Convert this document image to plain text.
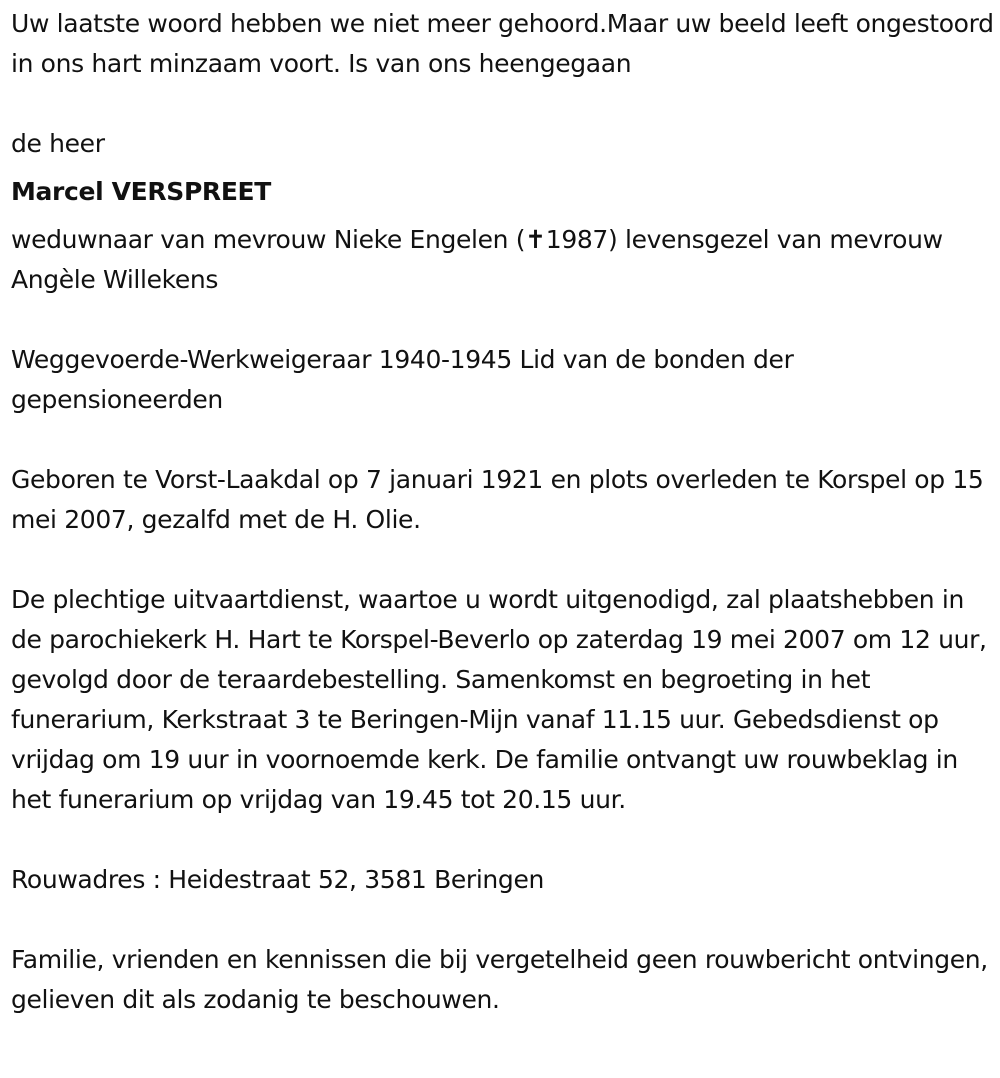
Uw laatste woord hebben we niet meer gehoord.Maar uw beeld leeft ongestoord in ons hart minzaam voort. Is van ons heengegaan

de heer

Marcel VERSPREET

weduwnaar van mevrouw Nieke Engelen (✝1987) levensgezel van mevrouw Angèle Willekens

Weggevoerde-Werkweigeraar 1940-1945 Lid van de bonden der gepensioneerden

Geboren te Vorst-Laakdal op 7 januari 1921 en plots overleden te Korspel op 15 mei 2007, gezalfd met de H. Olie.

De plechtige uitvaartdienst, waartoe u wordt uitgenodigd, zal plaatshebben in de parochiekerk H. Hart te Korspel-Beverlo op zaterdag 19 mei 2007 om 12 uur, gevolgd door de teraardebestelling. Samenkomst en begroeting in het funerarium, Kerkstraat 3 te Beringen-Mijn vanaf 11.15 uur. Gebedsdienst op vrijdag om 19 uur in voornoemde kerk. De familie ontvangt uw rouwbeklag in het funerarium op vrijdag van 19.45 tot 20.15 uur.

Rouwadres : Heidestraat 52, 3581 Beringen

Familie, vrienden en kennissen die bij vergetelheid geen rouwbericht ontvingen, gelieven dit als zodanig te beschouwen.
